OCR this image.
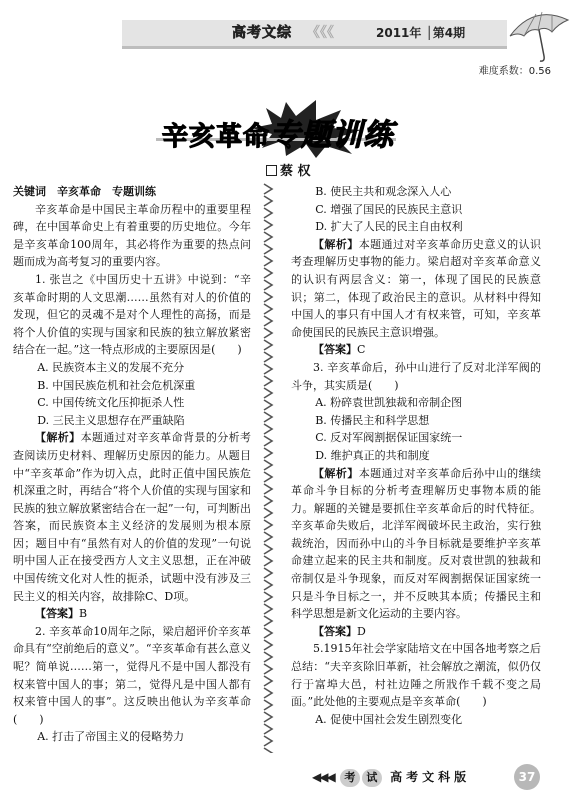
高考文综 《《《	2011年 │第4期
难度系数：0.56
辛亥革命专题训练
蔡 权

关键词　 辛亥革命　专题训练

辛亥革命是中国民主革命历程中的重要里程碑，在中国革命史上有着重要的历史地位。今年是辛亥革命100周年，其必将作为重要的热点问题而成为高考复习的重要内容。

1. 张岂之《中国历史十五讲》中说到：“辛亥革命时期的人文思潮……虽然有对人的价值的发现，但它的灵魂不是对个人理性的高扬，而是将个人价值的实现与国家和民族的独立解放紧密结合在一起。”这一特点形成的主要原因是(　　)

A. 民族资本主义的发展不充分

B. 中国民族危机和社会危机深重

C. 中国传统文化压抑扼杀人性

D. 三民主义思想存在严重缺陷

【解析】本题通过对辛亥革命背景的分析考查阅读历史材料、理解历史原因的能力。从题目中“辛亥革命”作为切入点，此时正值中国民族危机深重之时，再结合“将个人价值的实现与国家和民族的独立解放紧密结合在一起”一句，可判断出答案，而民族资本主义经济的发展则为根本原因；题目中有“虽然有对人的价值的发现”一句说明中国人正在接受西方人文主义思想，正在冲破中国传统文化对人性的扼杀，试题中没有涉及三民主义的相关内容，故排除C、D项。

【答案】B

2. 辛亥革命10周年之际，梁启超评价辛亥革命具有“空前绝后的意义”。“辛亥革命有甚么意义呢？简单说……第一，觉得凡不是中国人都没有权来管中国人的事；第二，觉得凡是中国人都有权来管中国人的事”。这反映出他认为辛亥革命(　　)

A. 打击了帝国主义的侵略势力

B. 使民主共和观念深入人心

C. 增强了国民的民族民主意识

D. 扩大了人民的民主自由权利

【解析】本题通过对辛亥革命历史意义的认识考查理解历史事物的能力。梁启超对辛亥革命意义的认识有两层含义：第一，体现了国民的民族意识；第二，体现了政治民主的意识。从材料中得知中国人的事只有中国人才有权来管，可知，辛亥革命使国民的民族民主意识增强。

【答案】C

3. 辛亥革命后，孙中山进行了反对北洋军阀的斗争，其实质是(　　)

A. 粉碎袁世凯独裁和帝制企图

B. 传播民主和科学思想

C. 反对军阀割据保证国家统一

D. 维护真正的共和制度

【解析】本题通过对辛亥革命后孙中山的继续革命斗争目标的分析考查理解历史事物本质的能力。解题的关键是要抓住辛亥革命后的时代特征。辛亥革命失败后，北洋军阀破坏民主政治，实行独裁统治，因而孙中山的斗争目标就是要维护辛亥革命建立起来的民主共和制度。反对袁世凯的独裁和帝制仅是斗争现象，而反对军阀割据保证国家统一只是斗争目标之一，并不反映其本质；传播民主和科学思想是新文化运动的主要内容。

【答案】D

5.1915年社会学家陆培文在中国各地考察之后总结：“夫辛亥除旧革新，社会解放之潮流，似仍仅行于富埠大邑，村社边陲之所戕作千载不变之局面。”此处他的主要观点是辛亥革命(　　)

A. 促使中国社会发生剧烈变化

◀◀◀ 考 试 高考文科版	37
